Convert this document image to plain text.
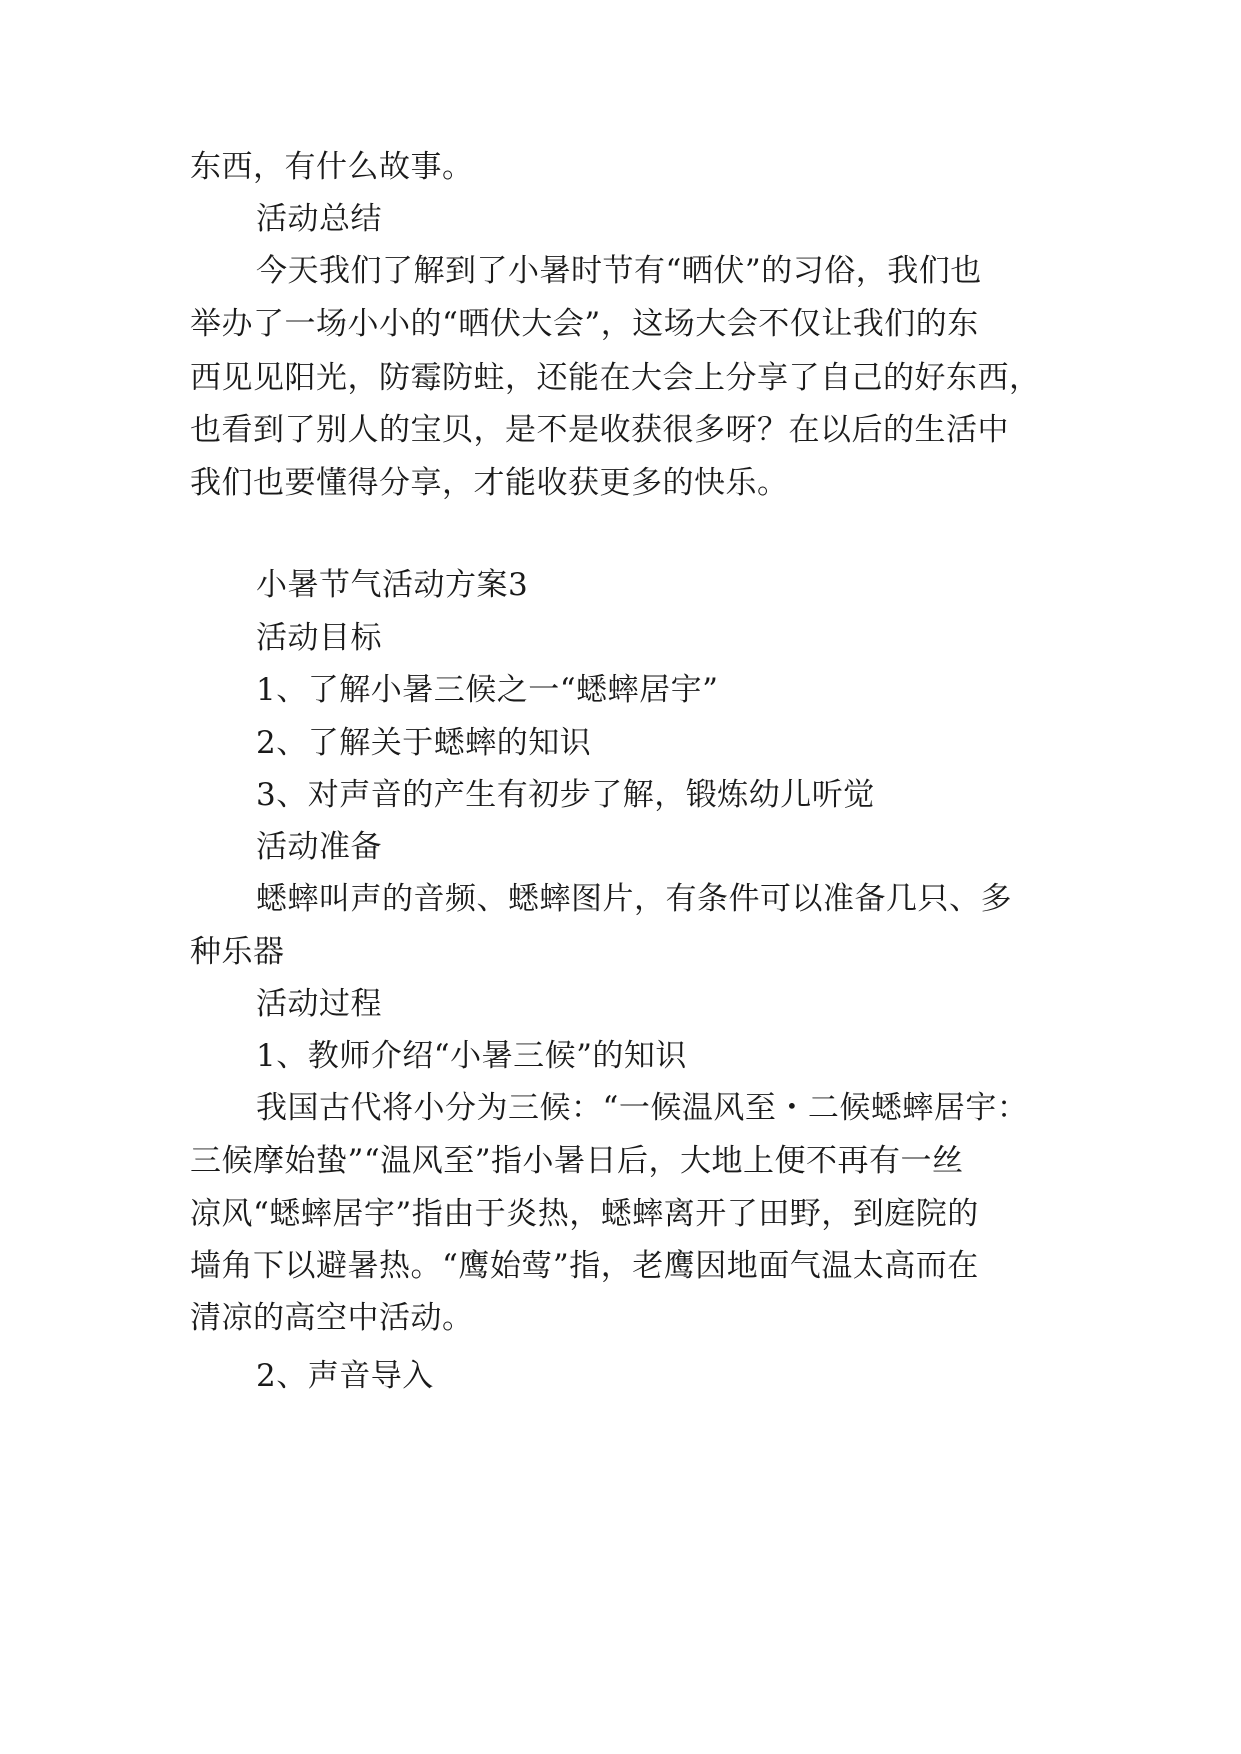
东西，有什么故事。
活动总结
今天我们了解到了小暑时节有“晒伏”的习俗，我们也
举办了一场小小的“晒伏大会”，这场大会不仅让我们的东
西见见阳光，防霉防蛀，还能在大会上分享了自己的好东西，
也看到了别人的宝贝，是不是收获很多呀？在以后的生活中
我们也要懂得分享，才能收获更多的快乐。
小暑节气活动方案3
活动目标
1、了解小暑三候之一“蟋蟀居宇”
2、了解关于蟋蟀的知识
3、对声音的产生有初步了解，锻炼幼儿听觉
活动准备
蟋蟀叫声的音频、蟋蟀图片，有条件可以准备几只、多
种乐器
活动过程
1、教师介绍“小暑三候”的知识
我国古代将小分为三候：“一候温风至・二候蟋蟀居宇：
三候摩始蛰”“温风至”指小暑日后，大地上便不再有一丝
凉风“蟋蟀居宇”指由于炎热，蟋蟀离开了田野，到庭院的
墙角下以避暑热。“鹰始莺”指，老鹰因地面气温太高而在
清凉的高空中活动。
2、声音导入
